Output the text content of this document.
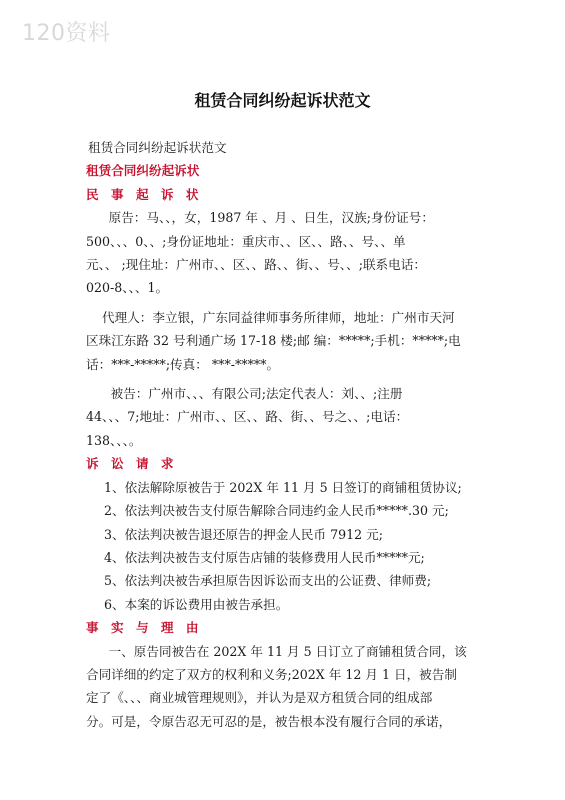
120资料
租赁合同纠纷起诉状范文

租赁合同纠纷起诉状范文

租赁合同纠纷起诉状

民 事 起 诉 状

　原告：马、、，女，1987 年 、月 、日生，汉族;身份证号：

500、、、0、、;身份证地址：重庆市、、区、、路、、号、、单

元、、 ;现住址：广州市、、区、、路、、街、、号、、;联系电话：

020-8、、、1。

代理人：李立银，广东同益律师事务所律师，地址：广州市天河

区珠江东路 32 号利通广场 17-18 楼;邮 编：*****;手机：*****;电

话：***-*****;传真： ***-*****。

　被告：广州市、、、有限公司;法定代表人：刘、、;注册

44、、、7;地址：广州市、、区、、路、街、、号之、、;电话：

138、、、。

诉 讼 请 求

1、依法解除原被告于 202X 年 11 月 5 日签订的商铺租赁协议;

2、依法判决被告支付原告解除合同违约金人民币*****.30 元;

3、依法判决被告退还原告的押金人民币 7912 元;

4、依法判决被告支付原告店铺的装修费用人民币*****元;

5、依法判决被告承担原告因诉讼而支出的公证费、律师费;

6、本案的诉讼费用由被告承担。

事 实 与 理 由

　一、原告同被告在 202X 年 11 月 5 日订立了商铺租赁合同，该

合同详细的约定了双方的权利和义务;202X 年 12 月 1 日，被告制

定了《、、、商业城管理规则》，并认为是双方租赁合同的组成部

分。可是，令原告忍无可忍的是，被告根本没有履行合同的承诺，
